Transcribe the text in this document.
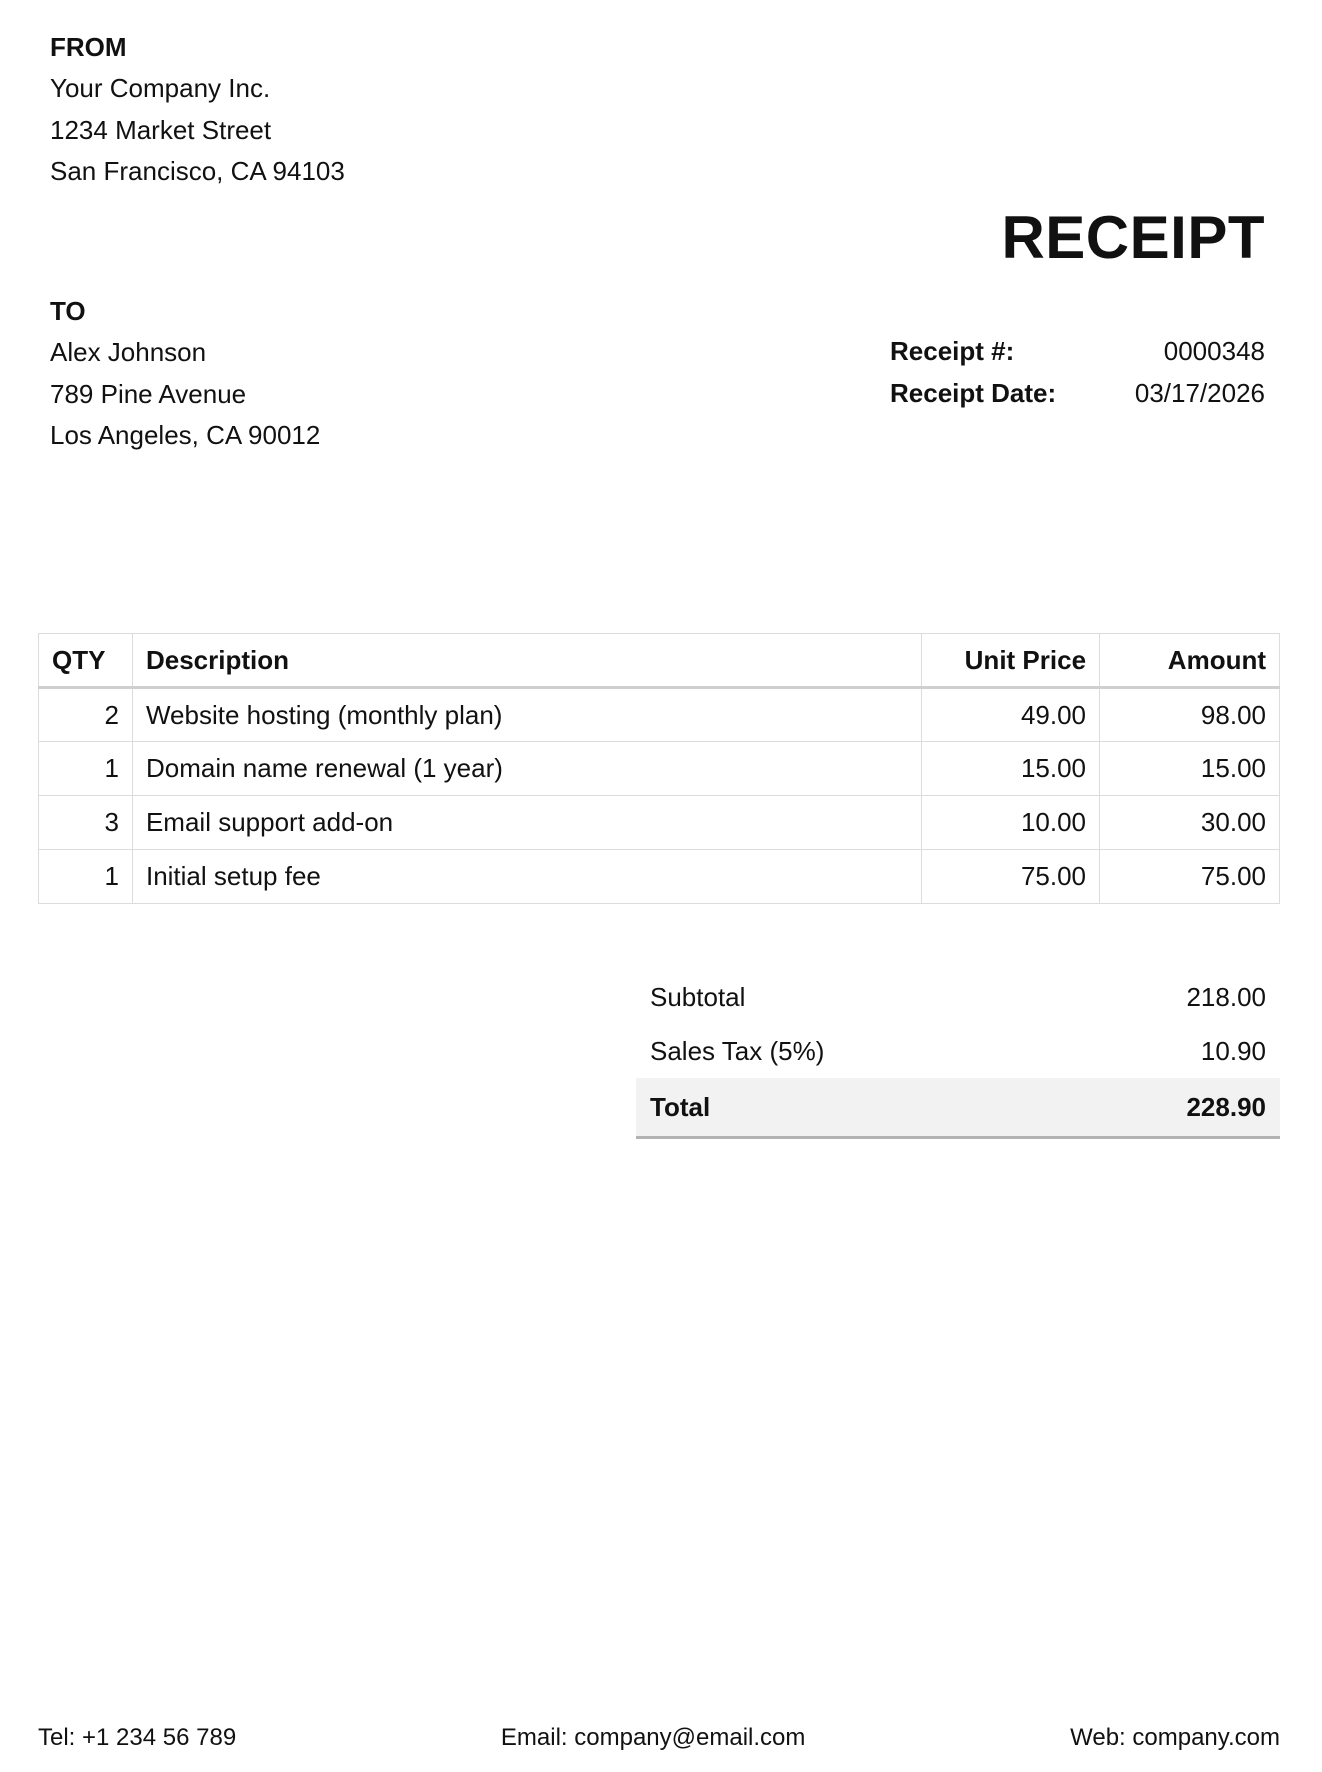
FROM
Your Company Inc.
1234 Market Street
San Francisco, CA 94103
RECEIPT
TO
Alex Johnson
789 Pine Avenue
Los Angeles, CA 90012
Receipt #:	0000348
Receipt Date:	03/17/2026
QTY	Description	Unit Price	Amount
2	Website hosting (monthly plan)	49.00	98.00
1	Domain name renewal (1 year)	15.00	15.00
3	Email support add-on	10.00	30.00
1	Initial setup fee	75.00	75.00
Subtotal	218.00
Sales Tax (5%)	10.90
Total	228.90
Tel: +1 234 56 789	Email: company@email.com	Web: company.com
